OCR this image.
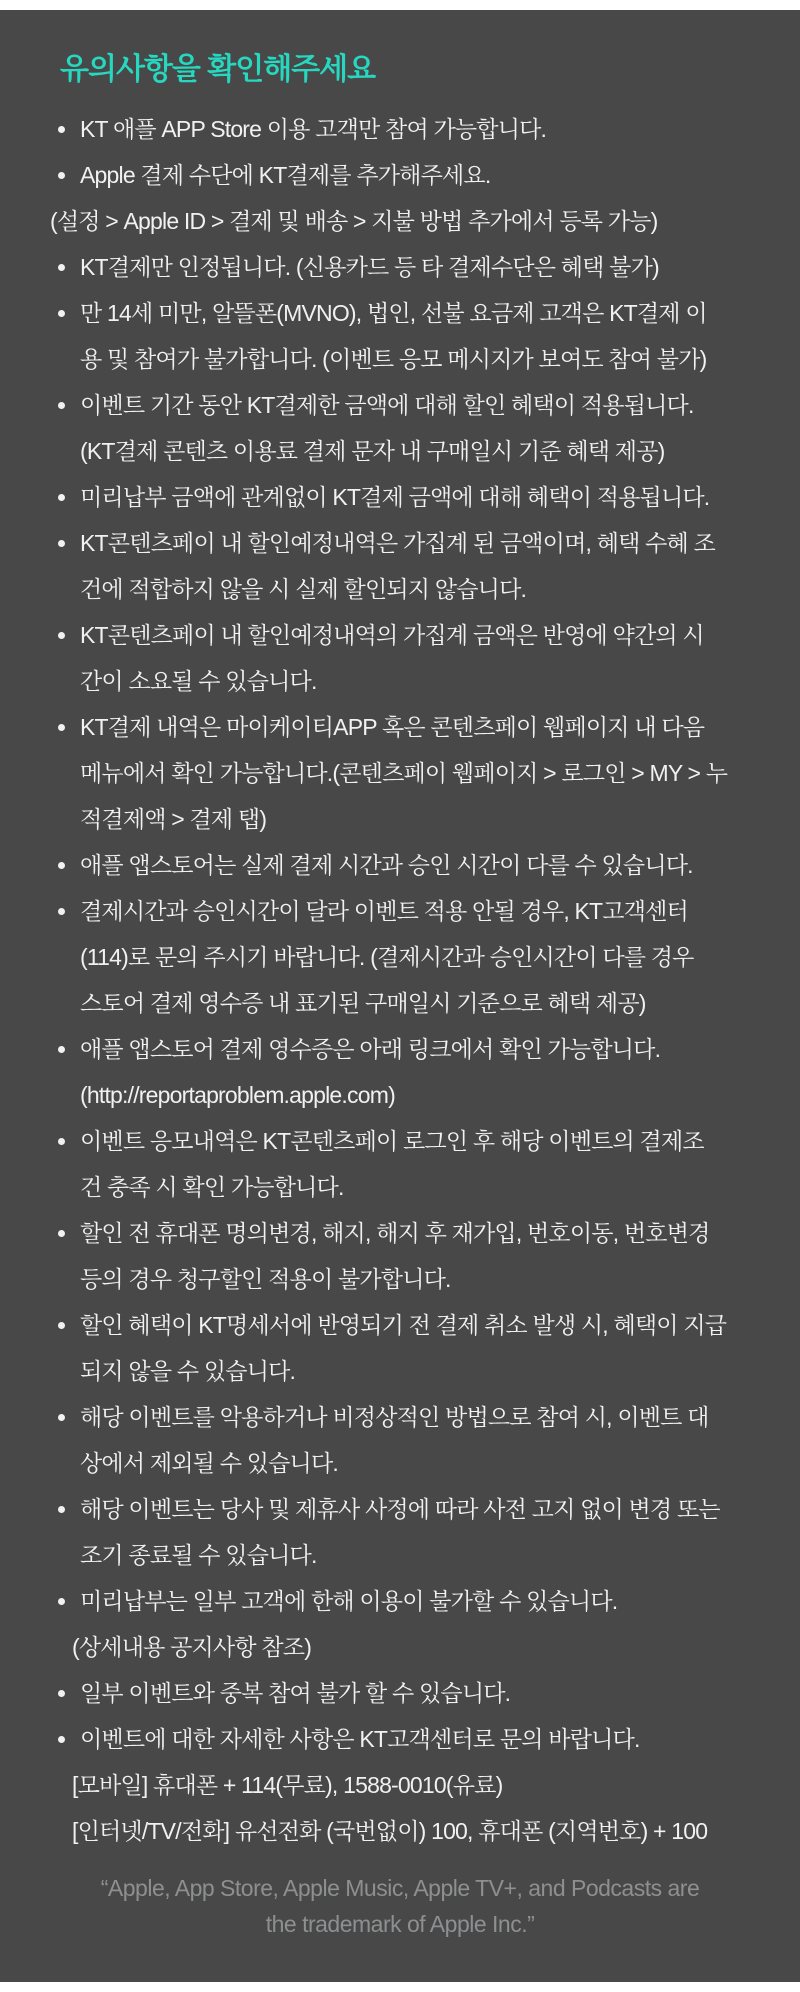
유의사항을 확인해주세요
KT 애플 APP Store 이용 고객만 참여 가능합니다.
Apple 결제 수단에 KT결제를 추가해주세요.
(설정 > Apple ID > 결제 및 배송 > 지불 방법 추가에서 등록 가능)
KT결제만 인정됩니다. (신용카드 등 타 결제수단은 혜택 불가)
만 14세 미만, 알뜰폰(MVNO), 법인, 선불 요금제 고객은 KT결제 이
용 및 참여가 불가합니다. (이벤트 응모 메시지가 보여도 참여 불가)
이벤트 기간 동안 KT결제한 금액에 대해 할인 혜택이 적용됩니다.
(KT결제 콘텐츠 이용료 결제 문자 내 구매일시 기준 혜택 제공)
미리납부 금액에 관계없이 KT결제 금액에 대해 혜택이 적용됩니다.
KT콘텐츠페이 내 할인예정내역은 가집계 된 금액이며, 혜택 수혜 조
건에 적합하지 않을 시 실제 할인되지 않습니다.
KT콘텐츠페이 내 할인예정내역의 가집계 금액은 반영에 약간의 시
간이 소요될 수 있습니다.
KT결제 내역은 마이케이티APP 혹은 콘텐츠페이 웹페이지 내 다음
메뉴에서 확인 가능합니다.(콘텐츠페이 웹페이지 > 로그인 > MY > 누
적결제액 > 결제 탭)
애플 앱스토어는 실제 결제 시간과 승인 시간이 다를 수 있습니다.
결제시간과 승인시간이 달라 이벤트 적용 안될 경우, KT고객센터
(114)로 문의 주시기 바랍니다. (결제시간과 승인시간이 다를 경우
스토어 결제 영수증 내 표기된 구매일시 기준으로 혜택 제공)
애플 앱스토어 결제 영수증은 아래 링크에서 확인 가능합니다.
(http://reportaproblem.apple.com)
이벤트 응모내역은 KT콘텐츠페이 로그인 후 해당 이벤트의 결제조
건 충족 시 확인 가능합니다.
할인 전 휴대폰 명의변경, 해지, 해지 후 재가입, 번호이동, 번호변경
등의 경우 청구할인 적용이 불가합니다.
할인 혜택이 KT명세서에 반영되기 전 결제 취소 발생 시, 혜택이 지급
되지 않을 수 있습니다.
해당 이벤트를 악용하거나 비정상적인 방법으로 참여 시, 이벤트 대
상에서 제외될 수 있습니다.
해당 이벤트는 당사 및 제휴사 사정에 따라 사전 고지 없이 변경 또는
조기 종료될 수 있습니다.
미리납부는 일부 고객에 한해 이용이 불가할 수 있습니다.
(상세내용 공지사항 참조)
일부 이벤트와 중복 참여 불가 할 수 있습니다.
이벤트에 대한 자세한 사항은 KT고객센터로 문의 바랍니다.
[모바일] 휴대폰 + 114(무료), 1588-0010(유료)
[인터넷/TV/전화] 유선전화 (국번없이) 100, 휴대폰 (지역번호) + 100
“Apple, App Store, Apple Music, Apple TV+, and Podcasts are the trademark of Apple Inc.”
